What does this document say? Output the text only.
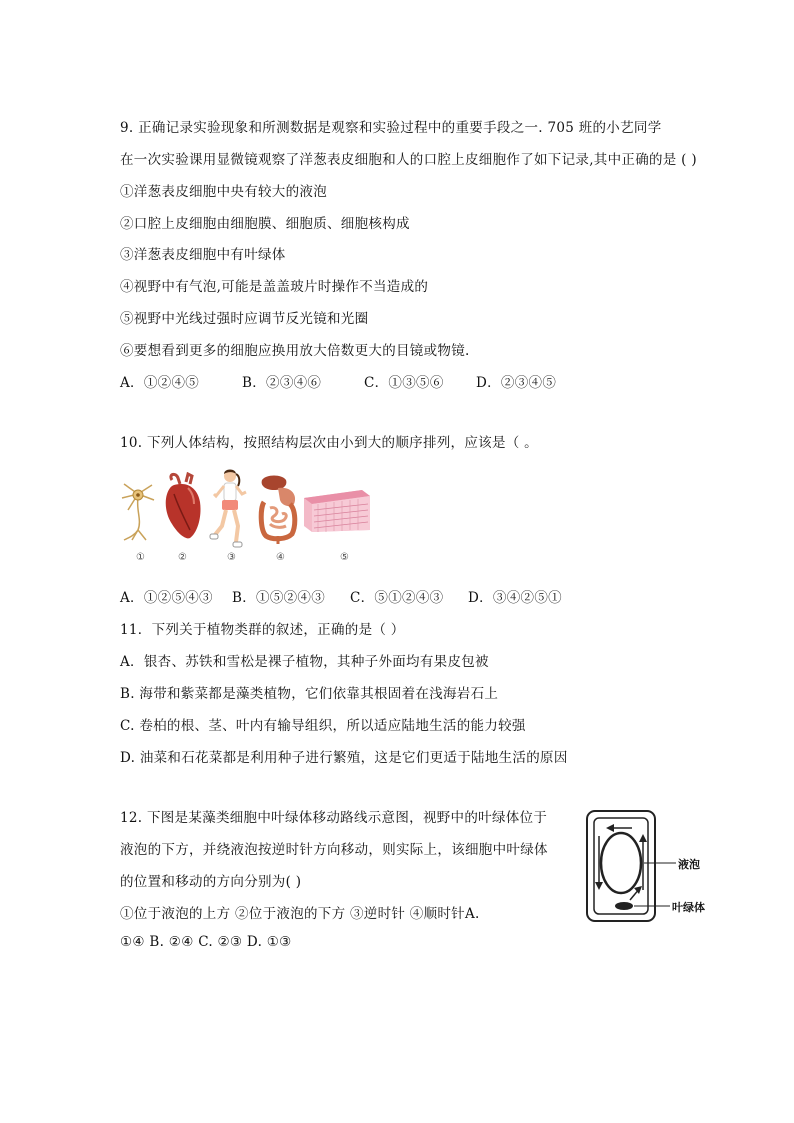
9. 正确记录实验现象和所测数据是观察和实验过程中的重要手段之一. 705 班的小艺同学
在一次实验课用显微镜观察了洋葱表皮细胞和人的口腔上皮细胞作了如下记录,其中正确的是 ( )
①洋葱表皮细胞中央有较大的液泡
②口腔上皮细胞由细胞膜、细胞质、细胞核构成
③洋葱表皮细胞中有叶绿体
④视野中有气泡,可能是盖盖玻片时操作不当造成的
⑤视野中光线过强时应调节反光镜和光圈
⑥要想看到更多的细胞应换用放大倍数更大的目镜或物镜.
A．①②④⑤	B．②③④⑥	C．①③⑤⑥ D．②③④⑤
10. 下列人体结构，按照结构层次由小到大的顺序排列，应该是（ 。
①	②	③	④	⑤
A．①②⑤④③ B．①⑤②④③ C．⑤①②④③ D．③④②⑤①
11．下列关于植物类群的叙述，正确的是（ ）
A．银杏、苏铁和雪松是裸子植物，其种子外面均有果皮包被
B. 海带和紫菜都是藻类植物，它们依靠其根固着在浅海岩石上
C. 卷柏的根、茎、叶内有输导组织，所以适应陆地生活的能力较强
D. 油菜和石花菜都是利用种子进行繁殖，这是它们更适于陆地生活的原因
12. 下图是某藻类细胞中叶绿体移动路线示意图，视野中的叶绿体位于
液泡的下方，并绕液泡按逆时针方向移动，则实际上，该细胞中叶绿体
的位置和移动的方向分别为( )
①位于液泡的上方 ②位于液泡的下方 ③逆时针 ④顺时针A.
①④ B. ②④ C. ②③ D. ①③
液泡
叶绿体
